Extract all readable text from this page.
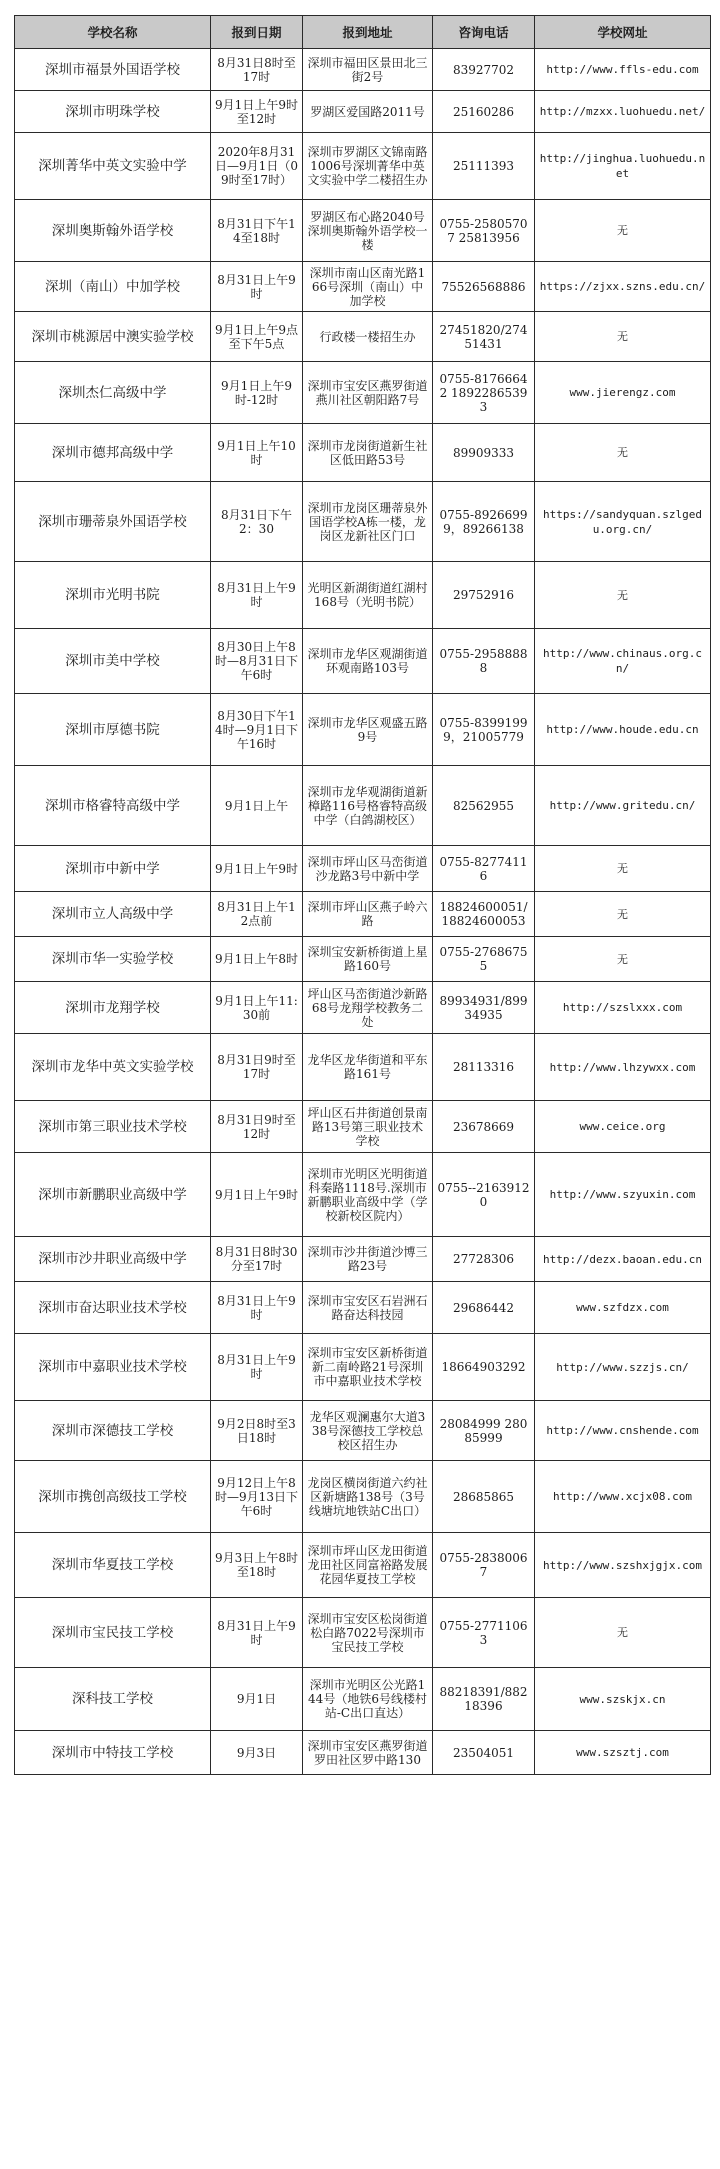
学校名称	报到日期	报到地址	咨询电话	学校网址
深圳市福景外国语学校	8月31日8时至17时	深圳市福田区景田北三街2号	83927702	http://www.ffls-edu.com
深圳市明珠学校	9月1日上午9时至12时	罗湖区爱国路2011号	25160286	http://mzxx.luohuedu.net/
深圳菁华中英文实验中学	2020年8月31日—9月1日（09时至17时）	深圳市罗湖区文锦南路1006号深圳菁华中英文实验中学二楼招生办	25111393	http://jinghua.luohuedu.net
深圳奥斯翰外语学校	8月31日下午14至18时	罗湖区布心路2040号深圳奥斯翰外语学校一楼	0755-25805707 25813956	无
深圳（南山）中加学校	8月31日上午9时	深圳市南山区南光路166号深圳（南山）中加学校	75526568886	https://zjxx.szns.edu.cn/
深圳市桃源居中澳实验学校	9月1日上午9点至下午5点	行政楼一楼招生办	27451820/27451431	无
深圳杰仁高级中学	9月1日上午9时-12时	深圳市宝安区燕罗街道燕川社区朝阳路7号	0755-81766642 18922865393	www.jierengz.com
深圳市德邦高级中学	9月1日上午10时	深圳市龙岗街道新生社区低田路53号	89909333	无
深圳市珊蒂泉外国语学校	8月31日下午2：30	深圳市龙岗区珊蒂泉外国语学校A栋一楼，龙岗区龙新社区门口	0755-89266999，89266138	https://sandyquan.szlgedu.org.cn/
深圳市光明书院	8月31日上午9时	光明区新湖街道红湖村168号（光明书院）	29752916	无
深圳市美中学校	8月30日上午8时—8月31日下午6时	深圳市龙华区观湖街道环观南路103号	0755-29588888	http://www.chinaus.org.cn/
深圳市厚德书院	8月30日下午14时—9月1日下午16时	深圳市龙华区观盛五路9号	0755-83991999，21005779	http://www.houde.edu.cn
深圳市格睿特高级中学	9月1日上午	深圳市龙华观湖街道新樟路116号格睿特高级中学（白鸽湖校区）	82562955	http://www.gritedu.cn/
深圳市中新中学	9月1日上午9时	深圳市坪山区马峦街道沙龙路3号中新中学	0755-82774116	无
深圳市立人高级中学	8月31日上午12点前	深圳市坪山区燕子岭六路	18824600051/18824600053	无
深圳市华一实验学校	9月1日上午8时	深圳宝安新桥街道上星路160号	0755-27686755	无
深圳市龙翔学校	9月1日上午11:30前	坪山区马峦街道沙新路68号龙翔学校教务二处	89934931/89934935	http://szslxxx.com
深圳市龙华中英文实验学校	8月31日9时至17时	龙华区龙华街道和平东路161号	28113316	http://www.lhzywxx.com
深圳市第三职业技术学校	8月31日9时至12时	坪山区石井街道创景南路13号第三职业技术学校	23678669	www.ceice.org
深圳市新鹏职业高级中学	9月1日上午9时	深圳市光明区光明街道科秦路1118号.深圳市新鹏职业高级中学（学校新校区院内）	0755--21639120	http://www.szyuxin.com
深圳市沙井职业高级中学	8月31日8时30分至17时	深圳市沙井街道沙博三路23号	27728306	http://dezx.baoan.edu.cn
深圳市奋达职业技术学校	8月31日上午9时	深圳市宝安区石岩洲石路奋达科技园	29686442	www.szfdzx.com
深圳市中嘉职业技术学校	8月31日上午9时	深圳市宝安区新桥街道新二南岭路21号深圳市中嘉职业技术学校	18664903292	http://www.szzjs.cn/
深圳市深德技工学校	9月2日8时至3日18时	龙华区观澜惠尔大道338号深德技工学校总校区招生办	28084999 28085999	http://www.cnshende.com
深圳市携创高级技工学校	9月12日上午8时—9月13日下午6时	龙岗区横岗街道六约社区新塘路138号（3号线塘坑地铁站C出口）	28685865	http://www.xcjx08.com
深圳市华夏技工学校	9月3日上午8时至18时	深圳市坪山区龙田街道龙田社区同富裕路发展花园华夏技工学校	0755-28380067	http://www.szshxjgjx.com
深圳市宝民技工学校	8月31日上午9时	深圳市宝安区松岗街道松白路7022号深圳市宝民技工学校	0755-27711063	无
深科技工学校	9月1日	深圳市光明区公光路144号（地铁6号线楼村站-C出口直达）	88218391/88218396	www.szskjx.cn
深圳市中特技工学校	9月3日	深圳市宝安区燕罗街道罗田社区罗中路130	23504051	www.szsztj.com
